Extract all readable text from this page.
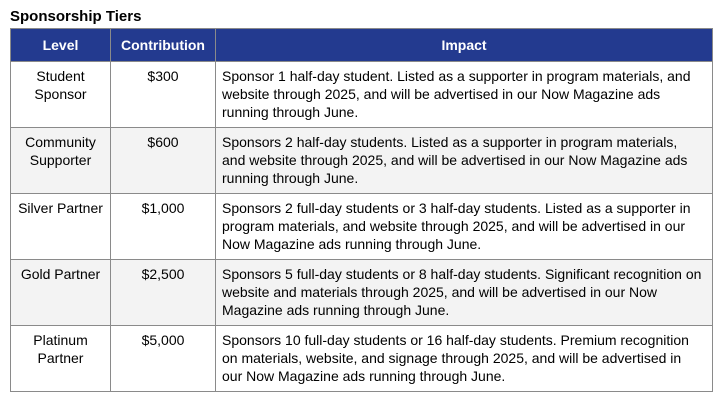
Sponsorship Tiers
Level	Contribution	Impact
Student Sponsor	$300	Sponsor 1 half-day student. Listed as a supporter in program materials, and website through 2025, and will be advertised in our Now Magazine ads running through June.
Community Supporter	$600	Sponsors 2 half-day students. Listed as a supporter in program materials, and website through 2025, and will be advertised in our Now Magazine ads running through June.
Silver Partner	$1,000	Sponsors 2 full-day students or 3 half-day students. Listed as a supporter in program materials, and website through 2025, and will be advertised in our Now Magazine ads running through June.
Gold Partner	$2,500	Sponsors 5 full-day students or 8 half-day students. Significant recognition on website and materials through 2025, and will be advertised in our Now Magazine ads running through June.
Platinum Partner	$5,000	Sponsors 10 full-day students or 16 half-day students. Premium recognition on materials, website, and signage through 2025, and will be advertised in our Now Magazine ads running through June.
